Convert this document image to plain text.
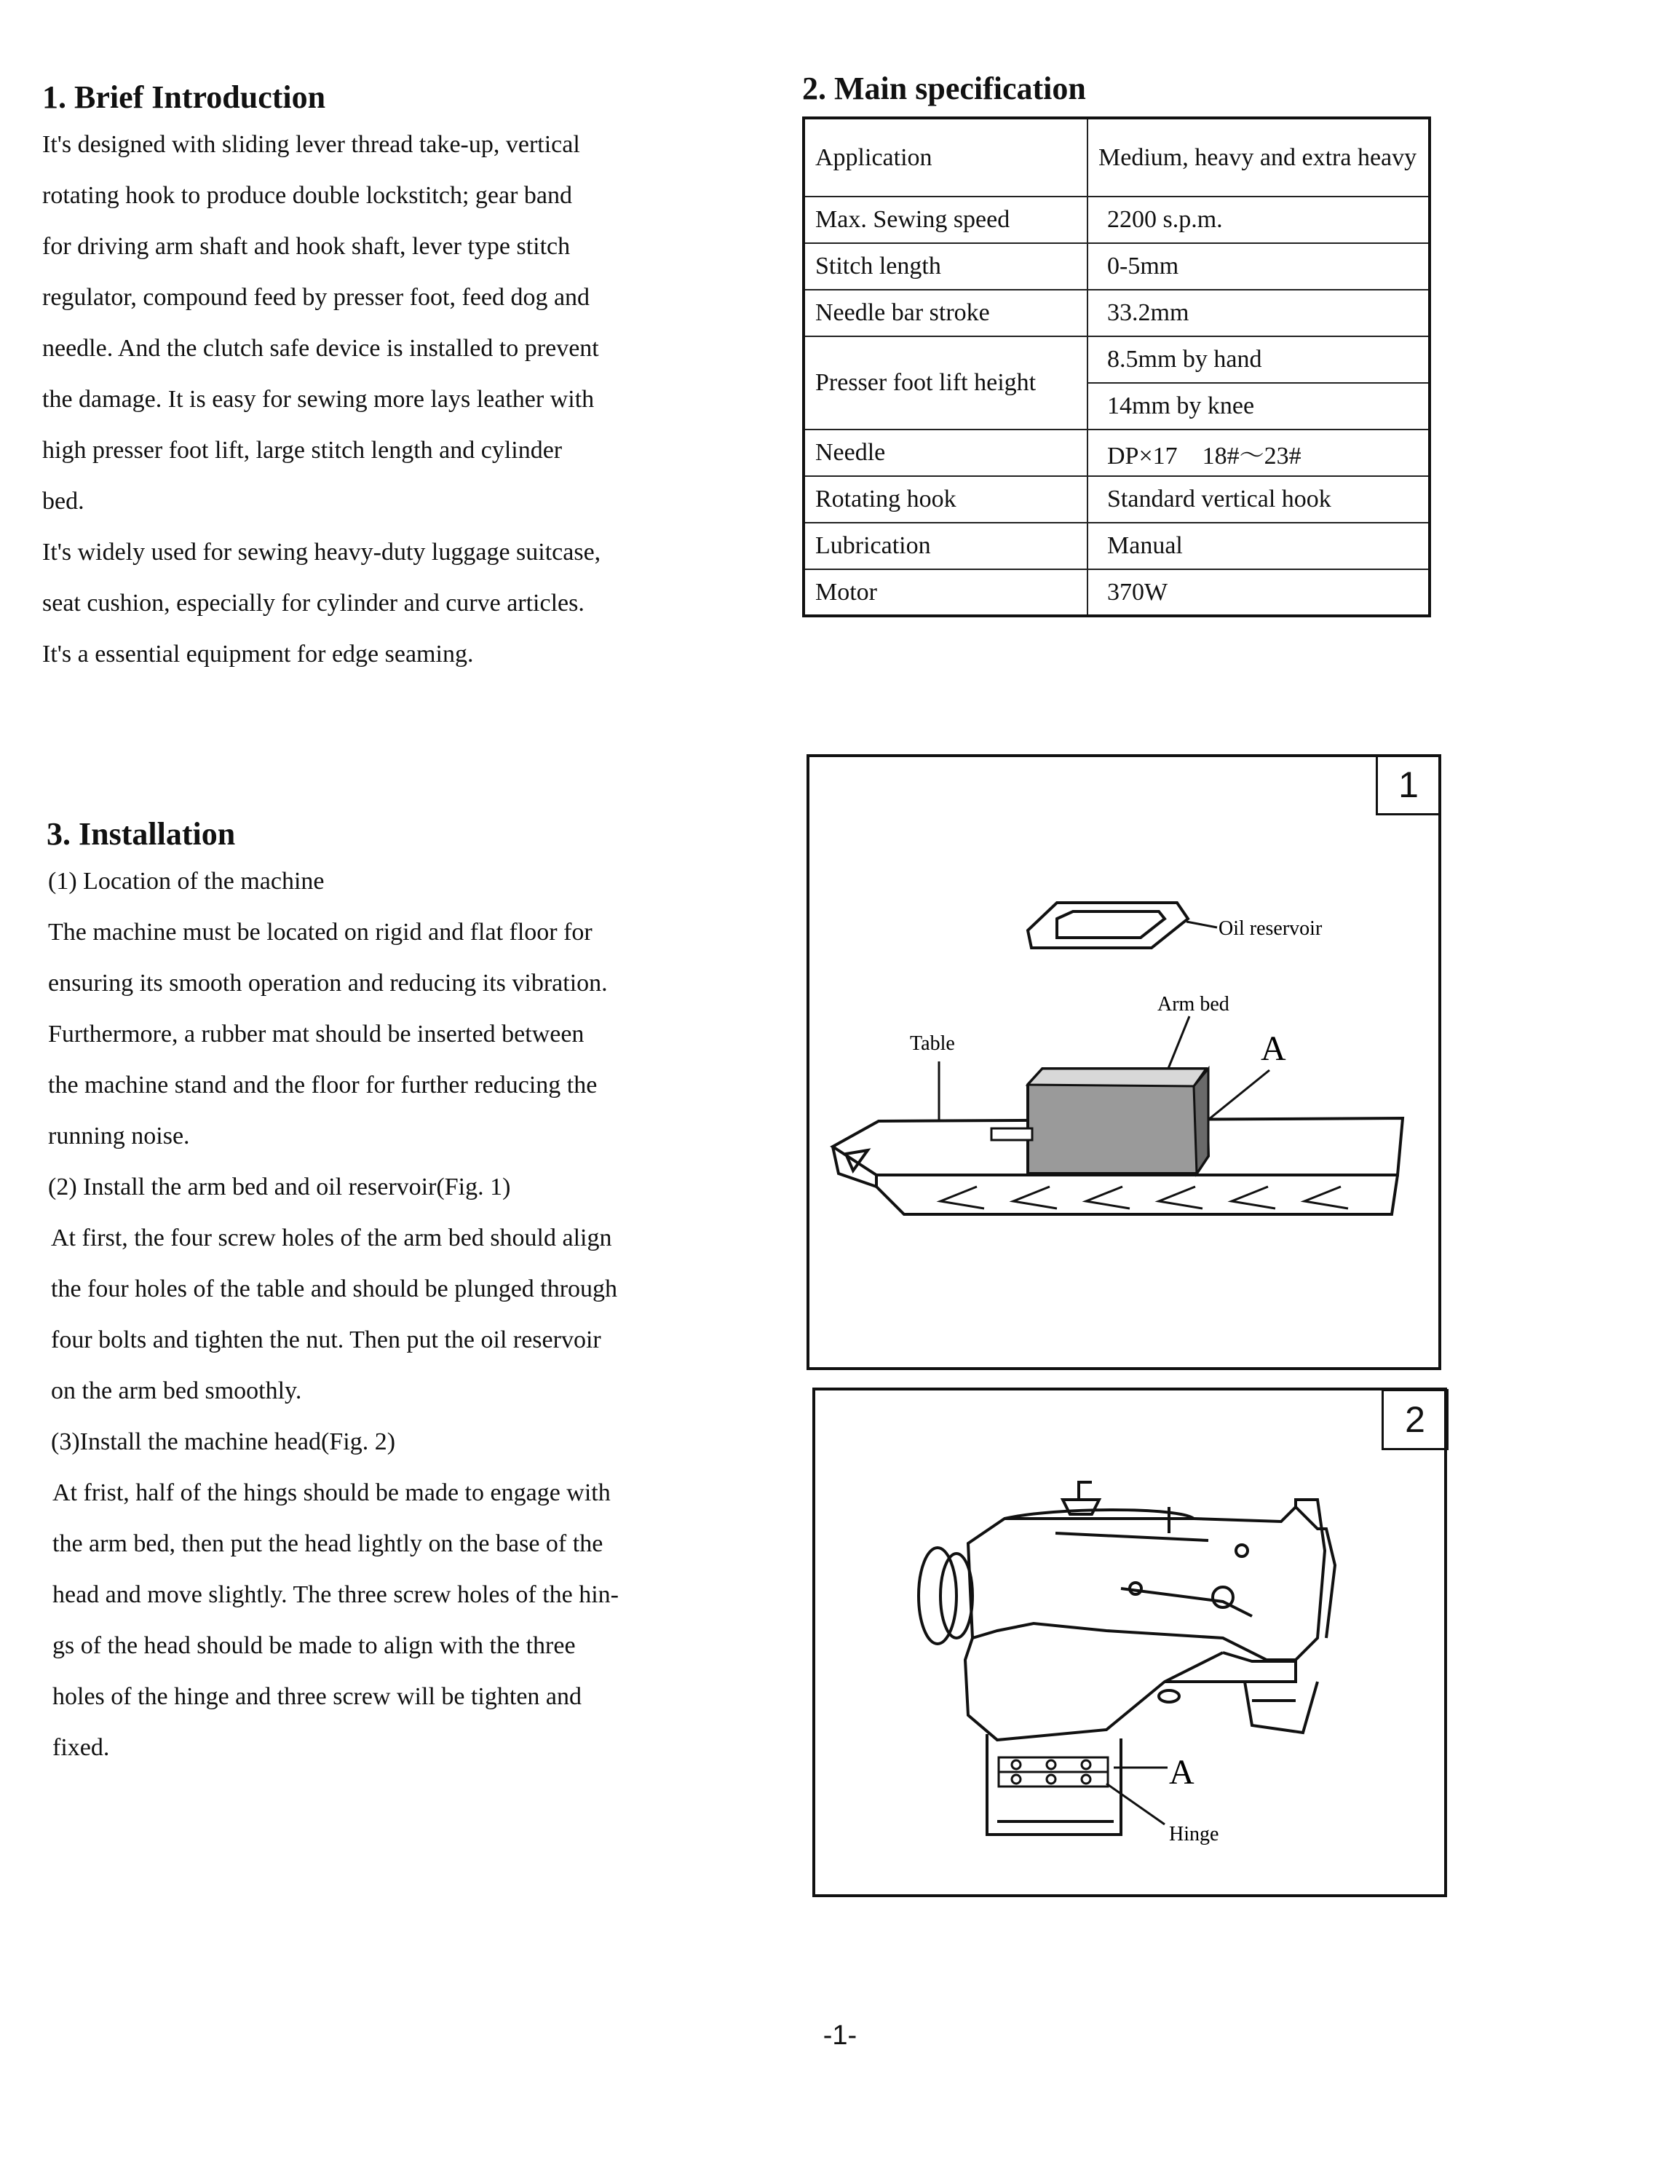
1. Brief Introduction

It's designed with sliding lever thread take-up, vertical

rotating hook to produce double lockstitch; gear band

for driving arm shaft and hook shaft, lever type stitch

regulator, compound feed by presser foot, feed dog and

needle. And the clutch safe device is installed to prevent

the damage. It is easy for sewing more lays leather with

high presser foot lift, large stitch length and cylinder

bed.

It's widely used for sewing heavy-duty luggage suitcase,

seat cushion, especially for cylinder and curve articles.

It's a essential equipment for edge seaming.

2. Main specification
Application	Medium, heavy and extra heavy
Max. Sewing speed	2200 s.p.m.
Stitch length	0-5mm
Needle bar stroke	33.2mm
Presser foot lift height	8.5mm by hand
	14mm by knee
Needle	DP×17    18#〜23#
Rotating hook	Standard vertical hook
Lubrication	Manual
Motor	370W
3. Installation

(1) Location of the machine

The machine must be located on rigid and flat floor for

ensuring its smooth operation and reducing its vibration.

Furthermore, a rubber mat should be inserted between

the machine stand and the floor for further reducing the

running noise.

(2) Install the arm bed and oil reservoir(Fig. 1)

At first, the four screw holes of the arm bed should align

the four holes of the table and should be plunged through

four bolts and tighten the nut. Then put the oil reservoir

on the arm bed smoothly.

(3)Install the machine head(Fig. 2)

At frist, half of the hings should be made to engage with

the arm bed, then put the head lightly on the base of the

head and move slightly. The three screw holes of the hin-

gs of the head should be made to align with the three

holes of the hinge and three screw will be tighten and

fixed.

1
Oil reservoir
Arm bed
Table	A
2
A
Hinge
-1-
